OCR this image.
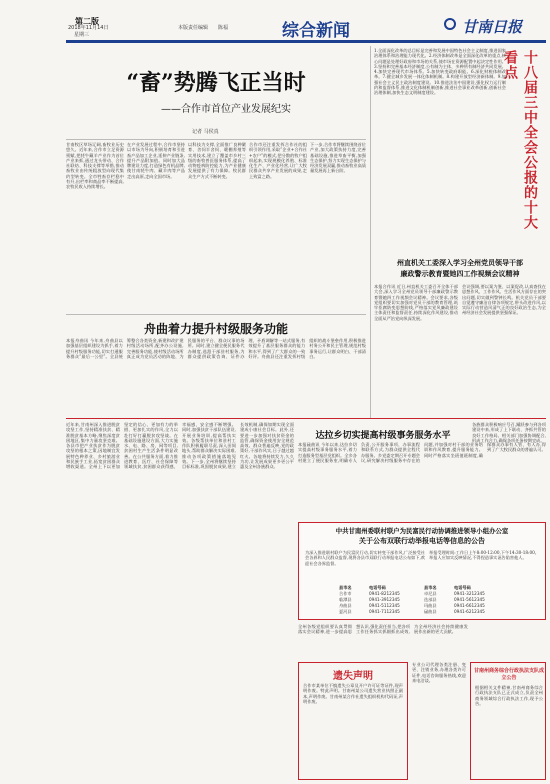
第二版
2018年11月14日
星期三
本版责任编辑 陈福	综合新闻	甘南日报
“畜”势腾飞正当时
——合作市首位产业发展纪实
记者 马侯真
甘南牧区草场辽阔,畜牧业历史悠久。近年来,合作市立足资源禀赋,把牦牛藏羊产业作为首位产业来抓,通过龙头带动、合作社联结、科技支撑等举措,推动畜牧业由传统粗放型向现代集约型转变。全市牲畜存栏稳中有升,出栏率和商品率不断提高,农牧民收入持续增长。
在产业发展过程中,合作市坚持以市场为导向,积极培育和引进畜产品加工企业,延伸产业链条,提升产品附加值。同时加大品牌建设力度,打造绿色有机品牌,使甘南牦牛肉、藏羊肉等产品走出高原,走向全国市场。
以科技为支撑,全面推广良种繁育、舍饲半舍饲、暖棚养殖等实用技术,建立了覆盖市乡村三级的畜牧兽医服务体系,提高了动物疫病防控能力,为产业健康发展提供了有力保障。牧民群众生产方式不断转变。
合作市还注重发挥合作社的组织引领作用,采取“企业+合作社+农户”的模式,把分散的牧户组织起来,实现规模化养殖、标准化生产、产业化经营,让广大牧民群众共享产业发展的成果,走上致富之路。
下一步,合作市将继续围绕首位产业,加大政策扶持力度,完善基础设施,推进草畜平衡,加强生态保护,努力实现生态保护与经济发展双赢,推动畜牧业高质量发展再上新台阶。	十八届三中全会公报的十大看点
1.全面深化改革的总目标是完善和发展中国特色社会主义制度,推进国家治理体系和治理能力现代化。2.经济体制改革是全面深化改革的重点,核心问题是处理好政府和市场的关系,使市场在资源配置中起决定性作用。3.坚持和完善基本经济制度,公有制为主体、多种所有制经济共同发展。4.加快完善现代市场体系。5.加快转变政府职能。6.深化财税体制改革。7.健全城乡发展一体化体制机制。8.构建开放型经济新体制。9.加强社会主义民主政治制度建设。10.推进法治中国建设,强化权力运行制约和监督体系,推进文化体制机制创新,推进社会事业改革创新,创新社会治理体制,加快生态文明制度建设。
州直机关工委深入学习全州党员领导干部
廉政警示教育暨她四工作视频会议精神
本报合作讯 近日,州直机关工委召开全体干部大会,深入学习全州党员领导干部廉政警示教育暨她四工作视频会议精神。会议要求,各级党组织要切实加强对党员干部的教育管理,筑牢拒腐防变思想防线,严格落实党风廉政建设主体责任和监督责任,持续深化作风建设,推动全面从严治党向纵深发展。
会议强调,要以案为鉴、以案促改,认真查找在思想作风、工作作风、生活作风方面存在的突出问题,切实做到警钟长鸣。机关党员干部要自觉遵守廉洁自律各项规定,带头改进作风,以实际行动营造风清气正的良好政治生态,为全州经济社会发展提供坚强保证。
舟曲着力提升村级服务功能
本报舟曲讯 今年来,舟曲县以加强基层组织建设为抓手,着力提升村级服务功能,切实打通服务群众“最后一公里”。全县统筹整合各类资金,新建和改扩建村级活动场所,配齐办公设施,完善服务功能,使村级活动场所真正成为党员活动的阵地、为民服务的平台、群众议事的场所。同时,建立健全便民服务代办制度,选派干部驻村服务,为群众提供政策咨询、证件办理、矛盾调解等一站式服务,有效提升了基层服务群众的能力和水平,得到了广大群众的一致好评。舟曲县还注重发挥村级组织的战斗堡垒作用,积极推进村务公开和民主管理,规范村级事务运行,让群众明白、干部清白。
近年来,甘南州深入推进脱贫攻坚工作,坚持精准扶贫、精准脱贫基本方略,聚焦深度贫困地区,集中力量攻坚克难。各县市把产业扶贫作为脱贫攻坚的根本之策,因地制宜发展特色种养业、乡村旅游业和民族手工业,拓宽贫困群众增收渠道。全州上下以更加坚定的信心、更加有力的举措、更加扎实的作风,全力以赴打好打赢脱贫攻坚战。在基础设施建设方面,大力实施水、电、路、房、网等项目,贫困村生产生活条件明显改善。在公共服务方面,着力推进教育、医疗、社会保障等领域扶贫,贫困群众获得感、幸福感、安全感不断增强。同时,加强扶贫干部队伍建设,开展业务培训,提高帮扶实效。各级帮扶单位和驻村工作队积极履职尽责,深入田间地头,帮助群众解决实际困难,推动各项政策措施落地见效。下一步,全州将继续坚持目标标准,巩固脱贫成果,建立长效机制,确保如期实现全面建成小康社会目标。此外,还要进一步加强对扶贫资金的监管,确保资金使用安全规范高效。群众普遍反映,党的政策好,干部作风实,日子越过越红火。各地将持续发力,久久为功,让发展成果更多更公平惠及全州各族群众。
达拉乡切实提高村级事务服务水平
本报碌曲讯 今年以来,达拉乡切实提高村级事务服务水平,着力打造服务型基层党组织。全乡各村建立了便民服务室,明确专人负责,公开服务事项、办事流程和联系方式,为群众提供全程代办服务。乡党委定期召开专题会议,研究解决村级服务中存在的问题,并加强对村干部的业务培训和作风教育,提升服务能力。同时严格落实坐班值班制度,确保群众办事有人管、有人办,得到了广大牧民群众的普遍认可。
中共甘南州委联村联户为民富民行动协调推进领导小组办公室
关于公布双联行动举报电话等信息的公告
为深入推进联村联户为民富民行动,切实转变干部作风,广泛接受社会各界和人民群众监督,现将各县市双联行动举报电话公布如下,欢迎社会各界监督。
县市名	电话号码	县市名	电话号码
合作市	0941-8212345	卓尼县	0941-3212345
临潭县	0941-3912345	迭部县	0941-5612345
舟曲县	0941-5112345	玛曲县	0941-6612345
夏河县	0941-7112345	碌曲县	0941-6212345
举报受理时间:工作日上午8:00-12:00,下午14:30-18:00。举报人应如实反映情况,不得捏造事实诬告陷害他人。
全州各级党组织要认真贯彻落实会议精神,进一步提高思想认识,强化责任担当,把各项工作任务抓实抓细抓出成效,为全州经济社会持续健康发展作出新的更大贡献。
各族群众积极响应号召,踊跃参与到各项建设中来,形成了上下联动、齐抓共管的良好工作格局。相关部门加强协调配合,形成工作合力,确保各项任务按期完成。
遗失声明
合作市某单位不慎遗失公章及开户许可证等证件,现声明作废。特此声明。甘南州某公司遗失营业执照正副本,声明作废。甘南州某合作社遗失组织机构代码证,声明作废。
专业公司代理各类注册、变更、注销业务,办理各类许可证件,电话咨询服务热线,欢迎来电洽谈。
甘南州商务综合行政执法支队成立公告
根据相关文件精神,甘南州商务综合行政执法支队已正式成立,负责全州商务领域综合行政执法工作,现予公告。
